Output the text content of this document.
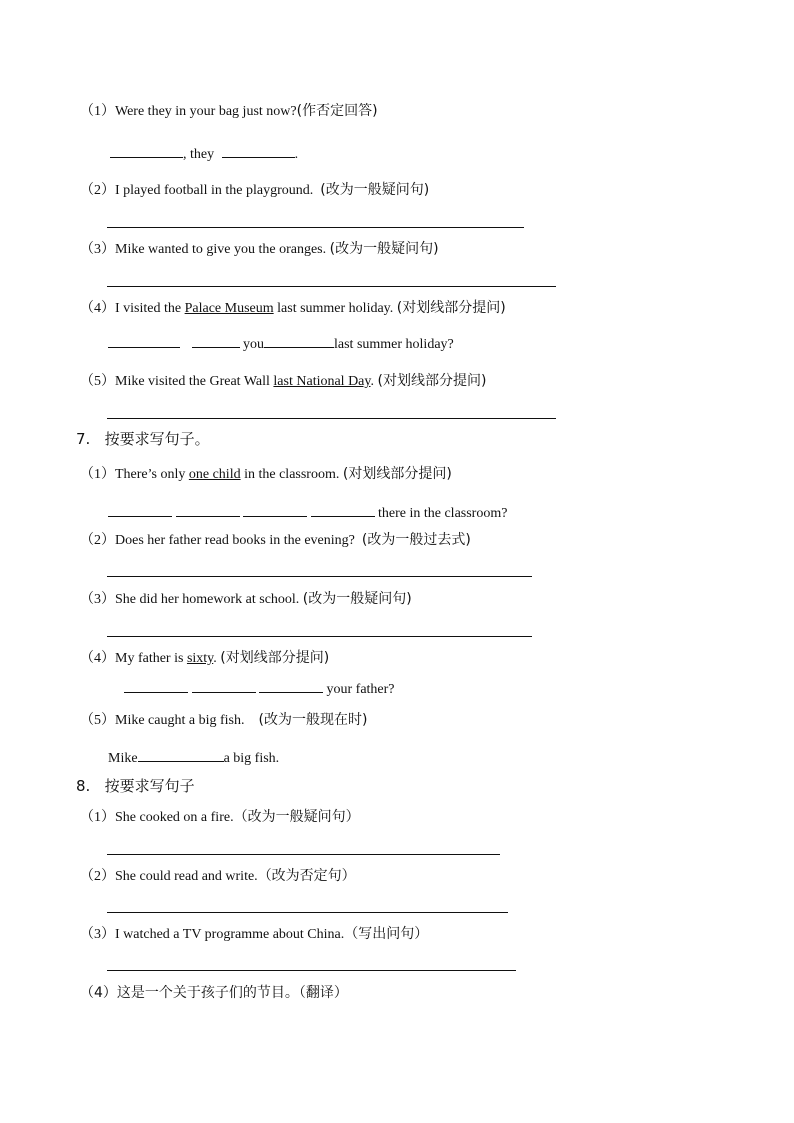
（1）Were they in your bag just now?(作否定回答)
, they	.
（2）I played football in the playground. (改为一般疑问句)
（3）Mike wanted to give you the oranges. (改为一般疑问句)
（4）I visited the Palace Museum last summer holiday. (对划线部分提问)
you	last summer holiday?
（5）Mike visited the Great Wall last National Day. (对划线部分提问)
7.   按要求写句子。
（1）There’s only one child in the classroom. (对划线部分提问)
there in the classroom?
（2）Does her father read books in the evening? (改为一般过去式)
（3）She did her homework at school. (改为一般疑问句)
（4）My father is sixty. (对划线部分提问)
your father?
（5）Mike caught a big fish. (改为一般现在时)
Mike	a big fish.
8.   按要求写句子
（1）She cooked on a fire.（改为一般疑问句）
（2）She could read and write.（改为否定句）
（3）I watched a TV programme about China.（写出问句）
（4）这是一个关于孩子们的节目。（翻译）
